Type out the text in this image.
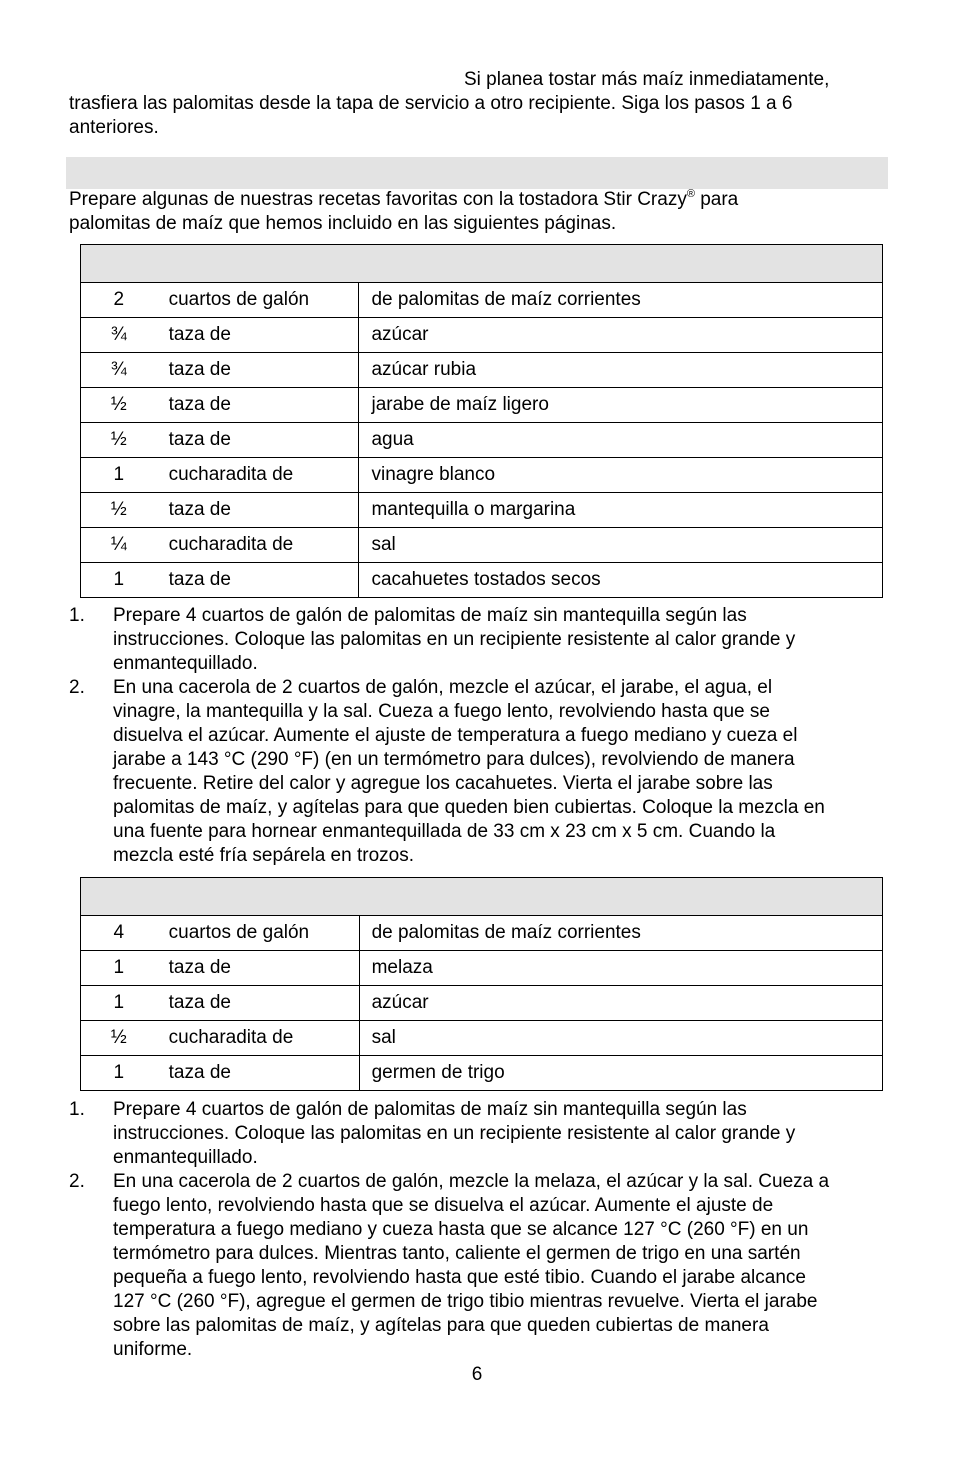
Si planea tostar más maíz inmediatamente,
trasfiera las palomitas desde la tapa de servicio a otro recipiente. Siga los pasos 1 a 6
anteriores.

Prepare algunas de nuestras recetas favoritas con la tostadora Stir Crazy® para
palomitas de maíz que hemos incluido en las siguientes páginas.

2	cuartos de galón	de palomitas de maíz corrientes
¾	taza de	azúcar
¾	taza de	azúcar rubia
½	taza de	jarabe de maíz ligero
½	taza de	agua
1	cucharadita de	vinagre blanco
½	taza de	mantequilla o margarina
¼	cucharadita de	sal
1	taza de	cacahuetes tostados secos
1. Prepare 4 cuartos de galón de palomitas de maíz sin mantequilla según las
instrucciones. Coloque las palomitas en un recipiente resistente al calor grande y
enmantequillado.
2. En una cacerola de 2 cuartos de galón, mezcle el azúcar, el jarabe, el agua, el
vinagre, la mantequilla y la sal. Cueza a fuego lento, revolviendo hasta que se
disuelva el azúcar. Aumente el ajuste de temperatura a fuego mediano y cueza el
jarabe a 143 °C (290 °F) (en un termómetro para dulces), revolviendo de manera
frecuente. Retire del calor y agregue los cacahuetes. Vierta el jarabe sobre las
palomitas de maíz, y agítelas para que queden bien cubiertas. Coloque la mezcla en
una fuente para hornear enmantequillada de 33 cm x 23 cm x 5 cm. Cuando la
mezcla esté fría sepárela en trozos.

4	cuartos de galón	de palomitas de maíz corrientes
1	taza de	melaza
1	taza de	azúcar
½	cucharadita de	sal
1	taza de	germen de trigo
1. Prepare 4 cuartos de galón de palomitas de maíz sin mantequilla según las
instrucciones. Coloque las palomitas en un recipiente resistente al calor grande y
enmantequillado.
2. En una cacerola de 2 cuartos de galón, mezcle la melaza, el azúcar y la sal. Cueza a
fuego lento, revolviendo hasta que se disuelva el azúcar. Aumente el ajuste de
temperatura a fuego mediano y cueza hasta que se alcance 127 °C (260 °F) en un
termómetro para dulces. Mientras tanto, caliente el germen de trigo en una sartén
pequeña a fuego lento, revolviendo hasta que esté tibio. Cuando el jarabe alcance
127 °C (260 °F), agregue el germen de trigo tibio mientras revuelve. Vierta el jarabe
sobre las palomitas de maíz, y agítelas para que queden cubiertas de manera
uniforme.
6
